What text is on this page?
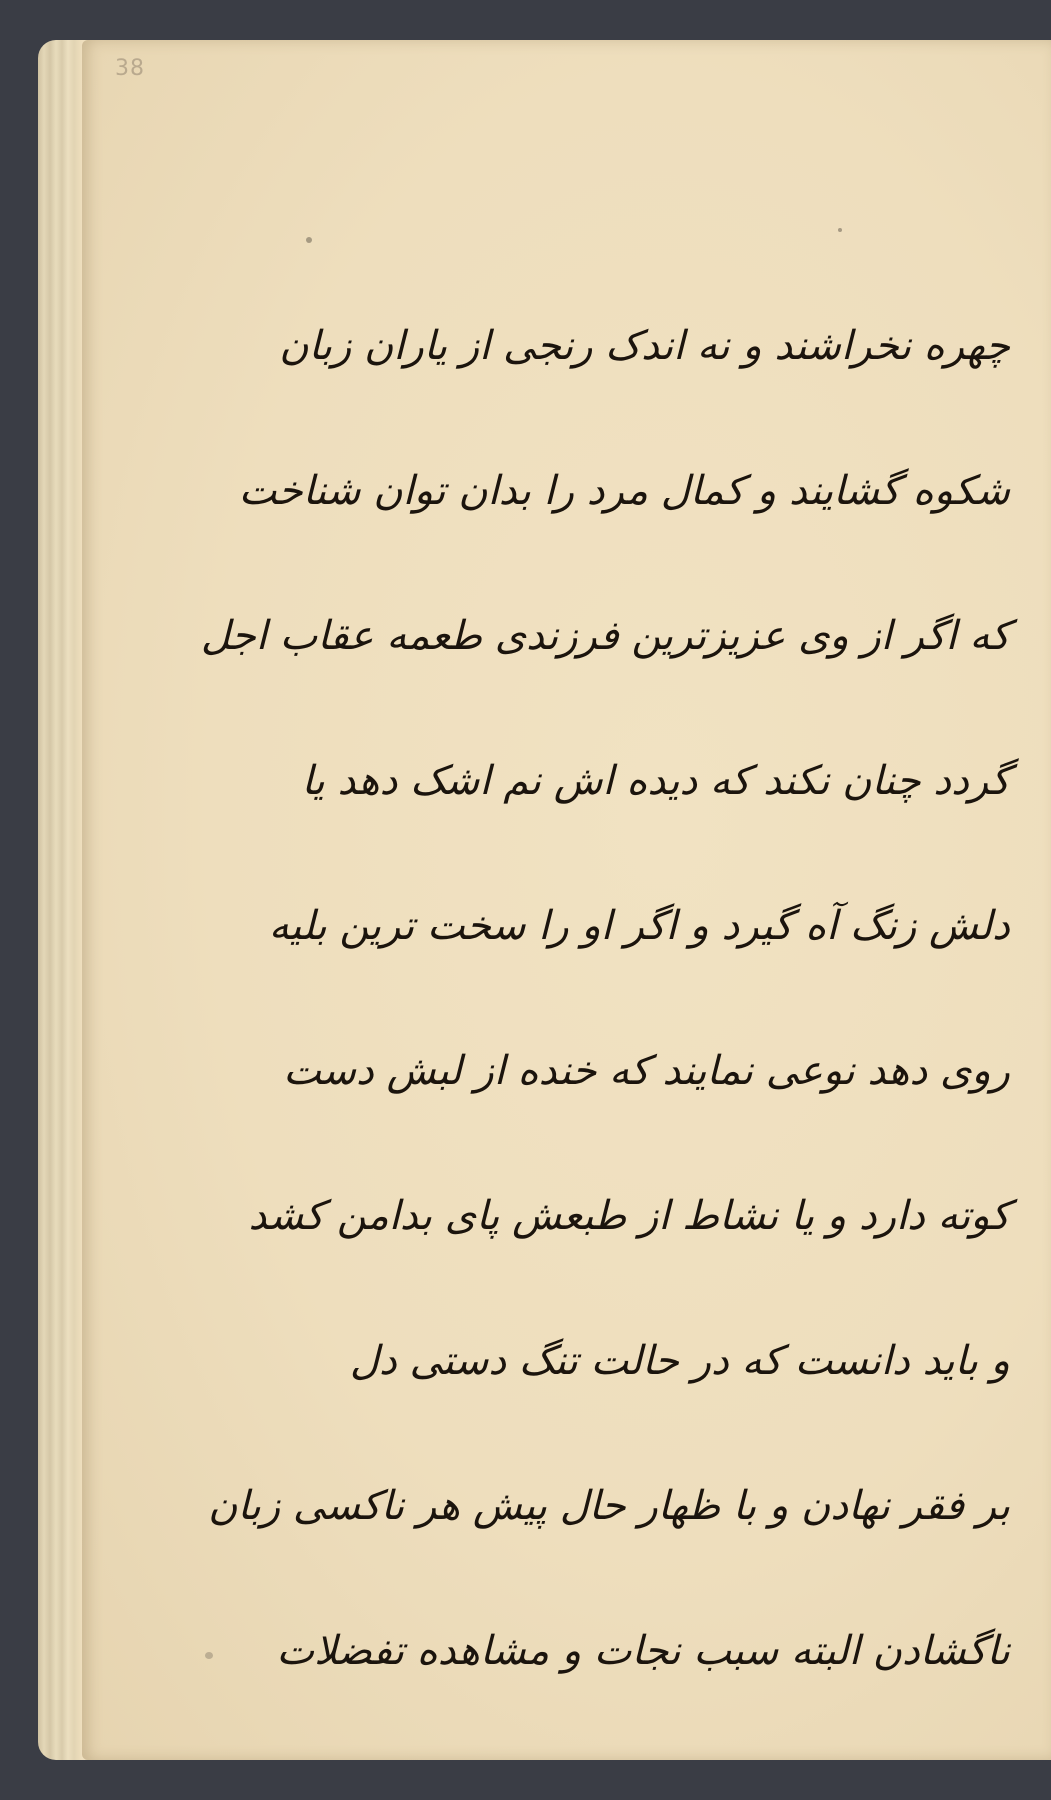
38
چهره نخراشند و نه اندک رنجی از یاران زبان
شکوه گشایند و کمال مرد را بدان توان شناخت
که اگر از وی عزیزترین فرزندی طعمه عقاب اجل
گردد چنان نکند که دیده اش نم اشک دهد یا
دلش زنگ آه گیرد و اگر او را سخت ترین بلیه
روی دهد نوعی نمایند که خنده از لبش دست
کوته دارد و یا نشاط از طبعش پای بدامن کشد
و باید دانست که در حالت تنگ دستی دل
بر فقر نهادن و با ظهار حال پیش هر ناکسی زبان
ناگشادن البته سبب نجات و مشاهده تفضلات
